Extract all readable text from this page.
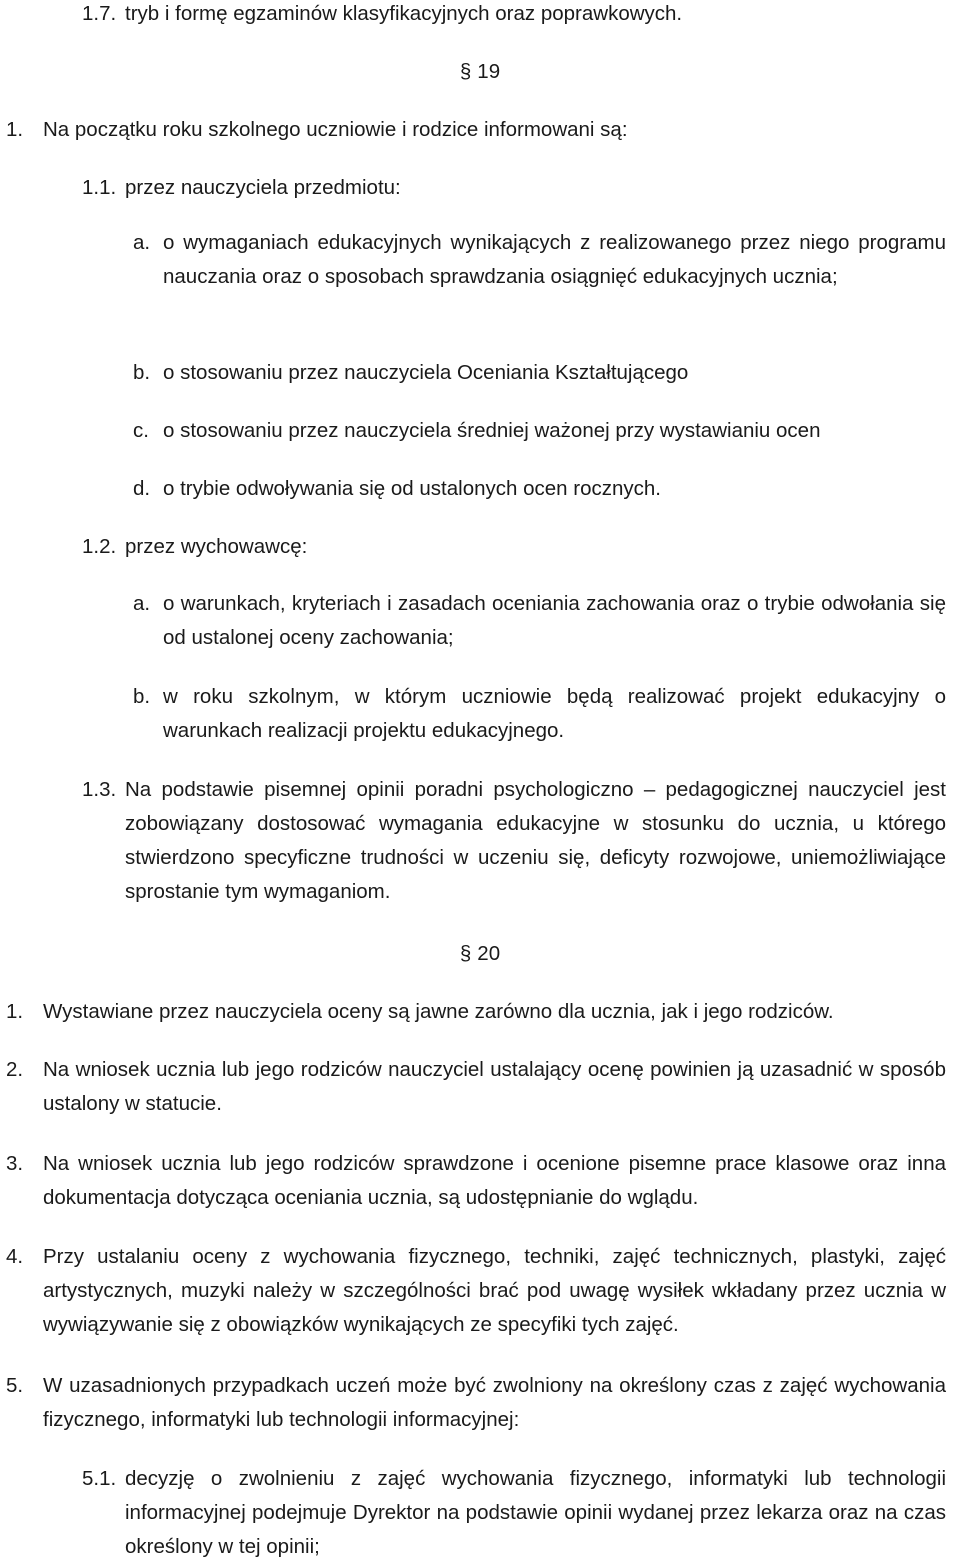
1.7. tryb i formę egzaminów klasyfikacyjnych oraz poprawkowych.
§ 19
1. Na początku roku szkolnego uczniowie i rodzice informowani są:
1.1. przez nauczyciela przedmiotu:
a. o wymaganiach edukacyjnych wynikających z realizowanego przez niego programu nauczania oraz o sposobach sprawdzania osiągnięć edukacyjnych ucznia;
b. o stosowaniu przez nauczyciela Oceniania Kształtującego
c. o stosowaniu przez nauczyciela średniej ważonej przy wystawianiu ocen
d. o trybie odwoływania się od ustalonych ocen rocznych.
1.2. przez wychowawcę:
a. o warunkach, kryteriach i zasadach oceniania zachowania oraz o trybie odwołania się od ustalonej oceny zachowania;
b. w roku szkolnym, w którym uczniowie będą realizować projekt edukacyjny o warunkach realizacji projektu edukacyjnego.
1.3. Na podstawie pisemnej opinii poradni psychologiczno – pedagogicznej nauczyciel jest zobowiązany dostosować wymagania edukacyjne w stosunku do ucznia, u którego stwierdzono specyficzne trudności w uczeniu się, deficyty rozwojowe, uniemożliwiające sprostanie tym wymaganiom.
§ 20
1. Wystawiane przez nauczyciela oceny są jawne zarówno dla ucznia, jak i jego rodziców.
2. Na wniosek ucznia lub jego rodziców nauczyciel ustalający ocenę powinien ją uzasadnić w sposób ustalony w statucie.
3. Na wniosek ucznia lub jego rodziców sprawdzone i ocenione pisemne prace klasowe oraz inna dokumentacja dotycząca oceniania ucznia, są udostępnianie do wglądu.
4. Przy ustalaniu oceny z wychowania fizycznego, techniki, zajęć technicznych, plastyki, zajęć artystycznych, muzyki należy w szczególności brać pod uwagę wysiłek wkładany przez ucznia w wywiązywanie się z obowiązków wynikających ze specyfiki tych zajęć.
5. W uzasadnionych przypadkach uczeń może być zwolniony na określony czas z zajęć wychowania fizycznego, informatyki lub technologii informacyjnej:
5.1. decyzję o zwolnieniu z zajęć wychowania fizycznego, informatyki lub technologii informacyjnej podejmuje Dyrektor na podstawie opinii wydanej przez lekarza oraz na czas określony w tej opinii;
